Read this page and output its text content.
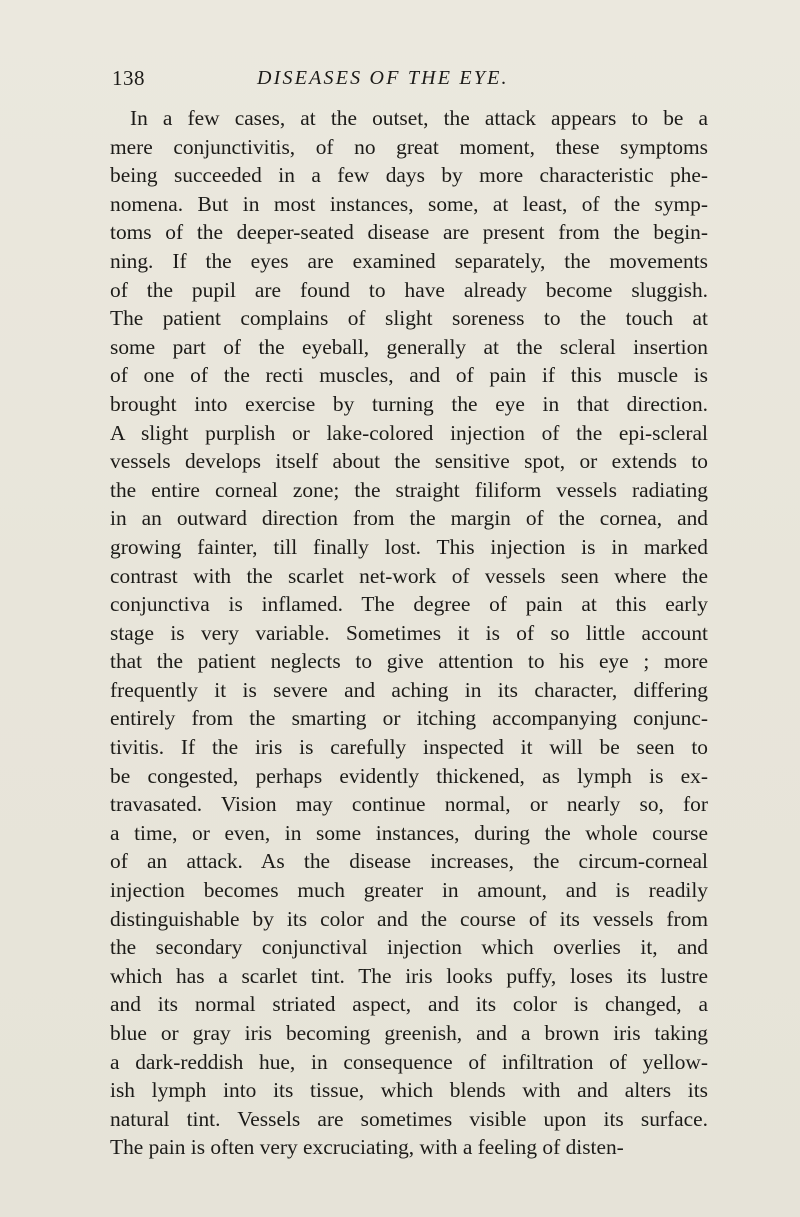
138	DISEASES OF THE EYE.
In a few cases, at the outset, the attack appears to be a
mere conjunctivitis, of no great moment, these symptoms
being succeeded in a few days by more characteristic phe-
nomena. But in most instances, some, at least, of the symp-
toms of the deeper-seated disease are present from the begin-
ning. If the eyes are examined separately, the movements
of the pupil are found to have already become sluggish.
The patient complains of slight soreness to the touch at
some part of the eyeball, generally at the scleral insertion
of one of the recti muscles, and of pain if this muscle is
brought into exercise by turning the eye in that direction.
A slight purplish or lake-colored injection of the epi-scleral
vessels develops itself about the sensitive spot, or extends to
the entire corneal zone; the straight filiform vessels radiating
in an outward direction from the margin of the cornea, and
growing fainter, till finally lost. This injection is in marked
contrast with the scarlet net-work of vessels seen where the
conjunctiva is inflamed. The degree of pain at this early
stage is very variable. Sometimes it is of so little account
that the patient neglects to give attention to his eye ; more
frequently it is severe and aching in its character, differing
entirely from the smarting or itching accompanying conjunc-
tivitis. If the iris is carefully inspected it will be seen to
be congested, perhaps evidently thickened, as lymph is ex-
travasated. Vision may continue normal, or nearly so, for
a time, or even, in some instances, during the whole course
of an attack. As the disease increases, the circum-corneal
injection becomes much greater in amount, and is readily
distinguishable by its color and the course of its vessels from
the secondary conjunctival injection which overlies it, and
which has a scarlet tint. The iris looks puffy, loses its lustre
and its normal striated aspect, and its color is changed, a
blue or gray iris becoming greenish, and a brown iris taking
a dark-reddish hue, in consequence of infiltration of yellow-
ish lymph into its tissue, which blends with and alters its
natural tint. Vessels are sometimes visible upon its surface.
The pain is often very excruciating, with a feeling of disten-
